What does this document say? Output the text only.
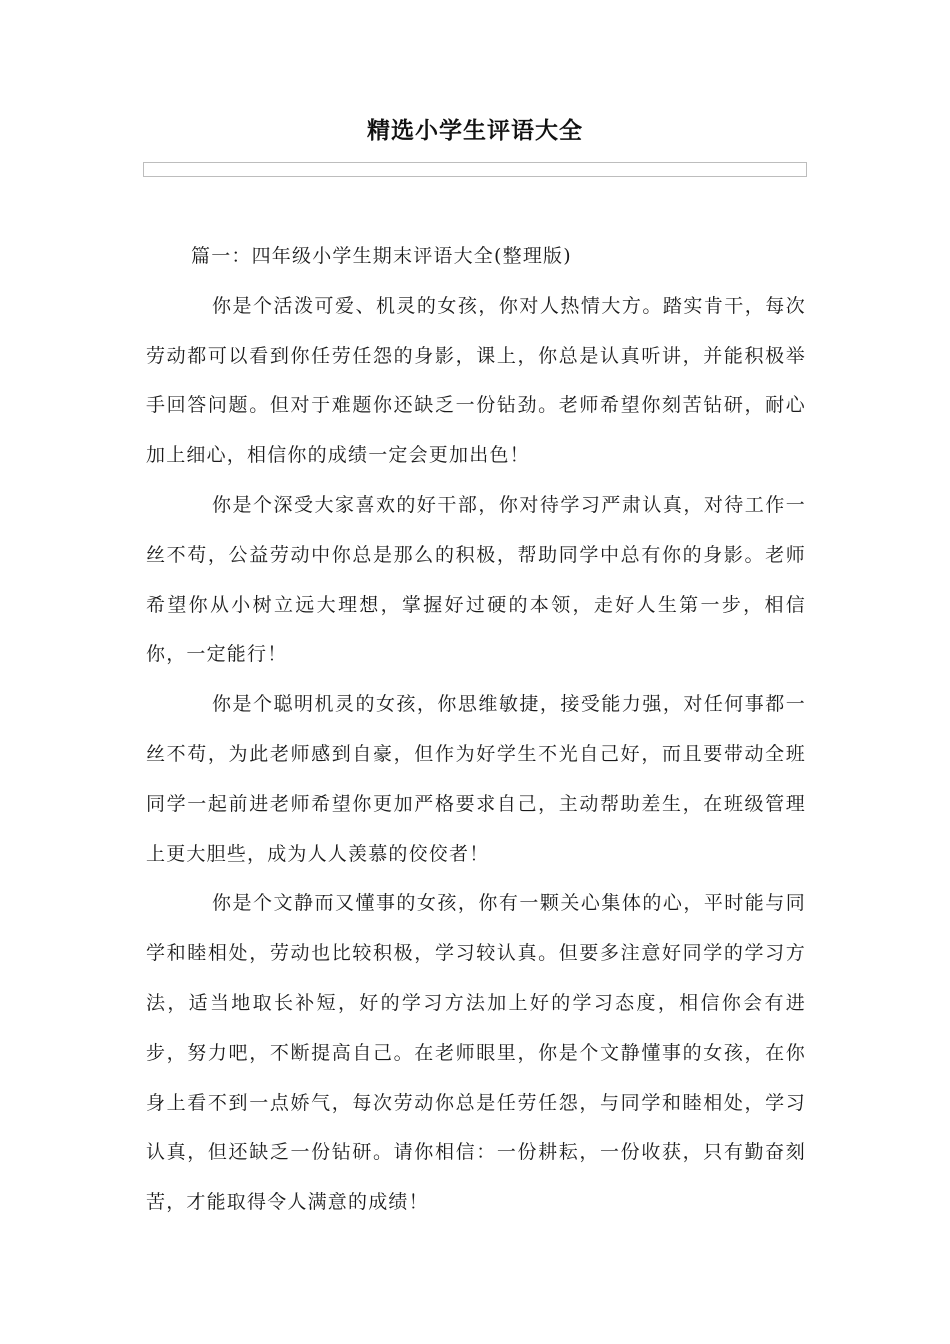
精选小学生评语大全

篇一：四年级小学生期末评语大全(整理版)

你是个活泼可爱、机灵的女孩，你对人热情大方。踏实肯干，每次劳动都可以看到你任劳任怨的身影，课上，你总是认真听讲，并能积极举手回答问题。但对于难题你还缺乏一份钻劲。老师希望你刻苦钻研，耐心加上细心，相信你的成绩一定会更加出色！

你是个深受大家喜欢的好干部，你对待学习严肃认真，对待工作一丝不苟，公益劳动中你总是那么的积极，帮助同学中总有你的身影。老师希望你从小树立远大理想，掌握好过硬的本领，走好人生第一步，相信你，一定能行！

你是个聪明机灵的女孩，你思维敏捷，接受能力强，对任何事都一丝不苟，为此老师感到自豪，但作为好学生不光自己好，而且要带动全班同学一起前进老师希望你更加严格要求自己，主动帮助差生，在班级管理上更大胆些，成为人人羡慕的佼佼者！

你是个文静而又懂事的女孩，你有一颗关心集体的心，平时能与同学和睦相处，劳动也比较积极，学习较认真。但要多注意好同学的学习方法，适当地取长补短，好的学习方法加上好的学习态度，相信你会有进步，努力吧，不断提高自己。在老师眼里，你是个文静懂事的女孩，在你身上看不到一点娇气，每次劳动你总是任劳任怨，与同学和睦相处，学习认真，但还缺乏一份钻研。请你相信：一份耕耘，一份收获，只有勤奋刻苦，才能取得令人满意的成绩！
